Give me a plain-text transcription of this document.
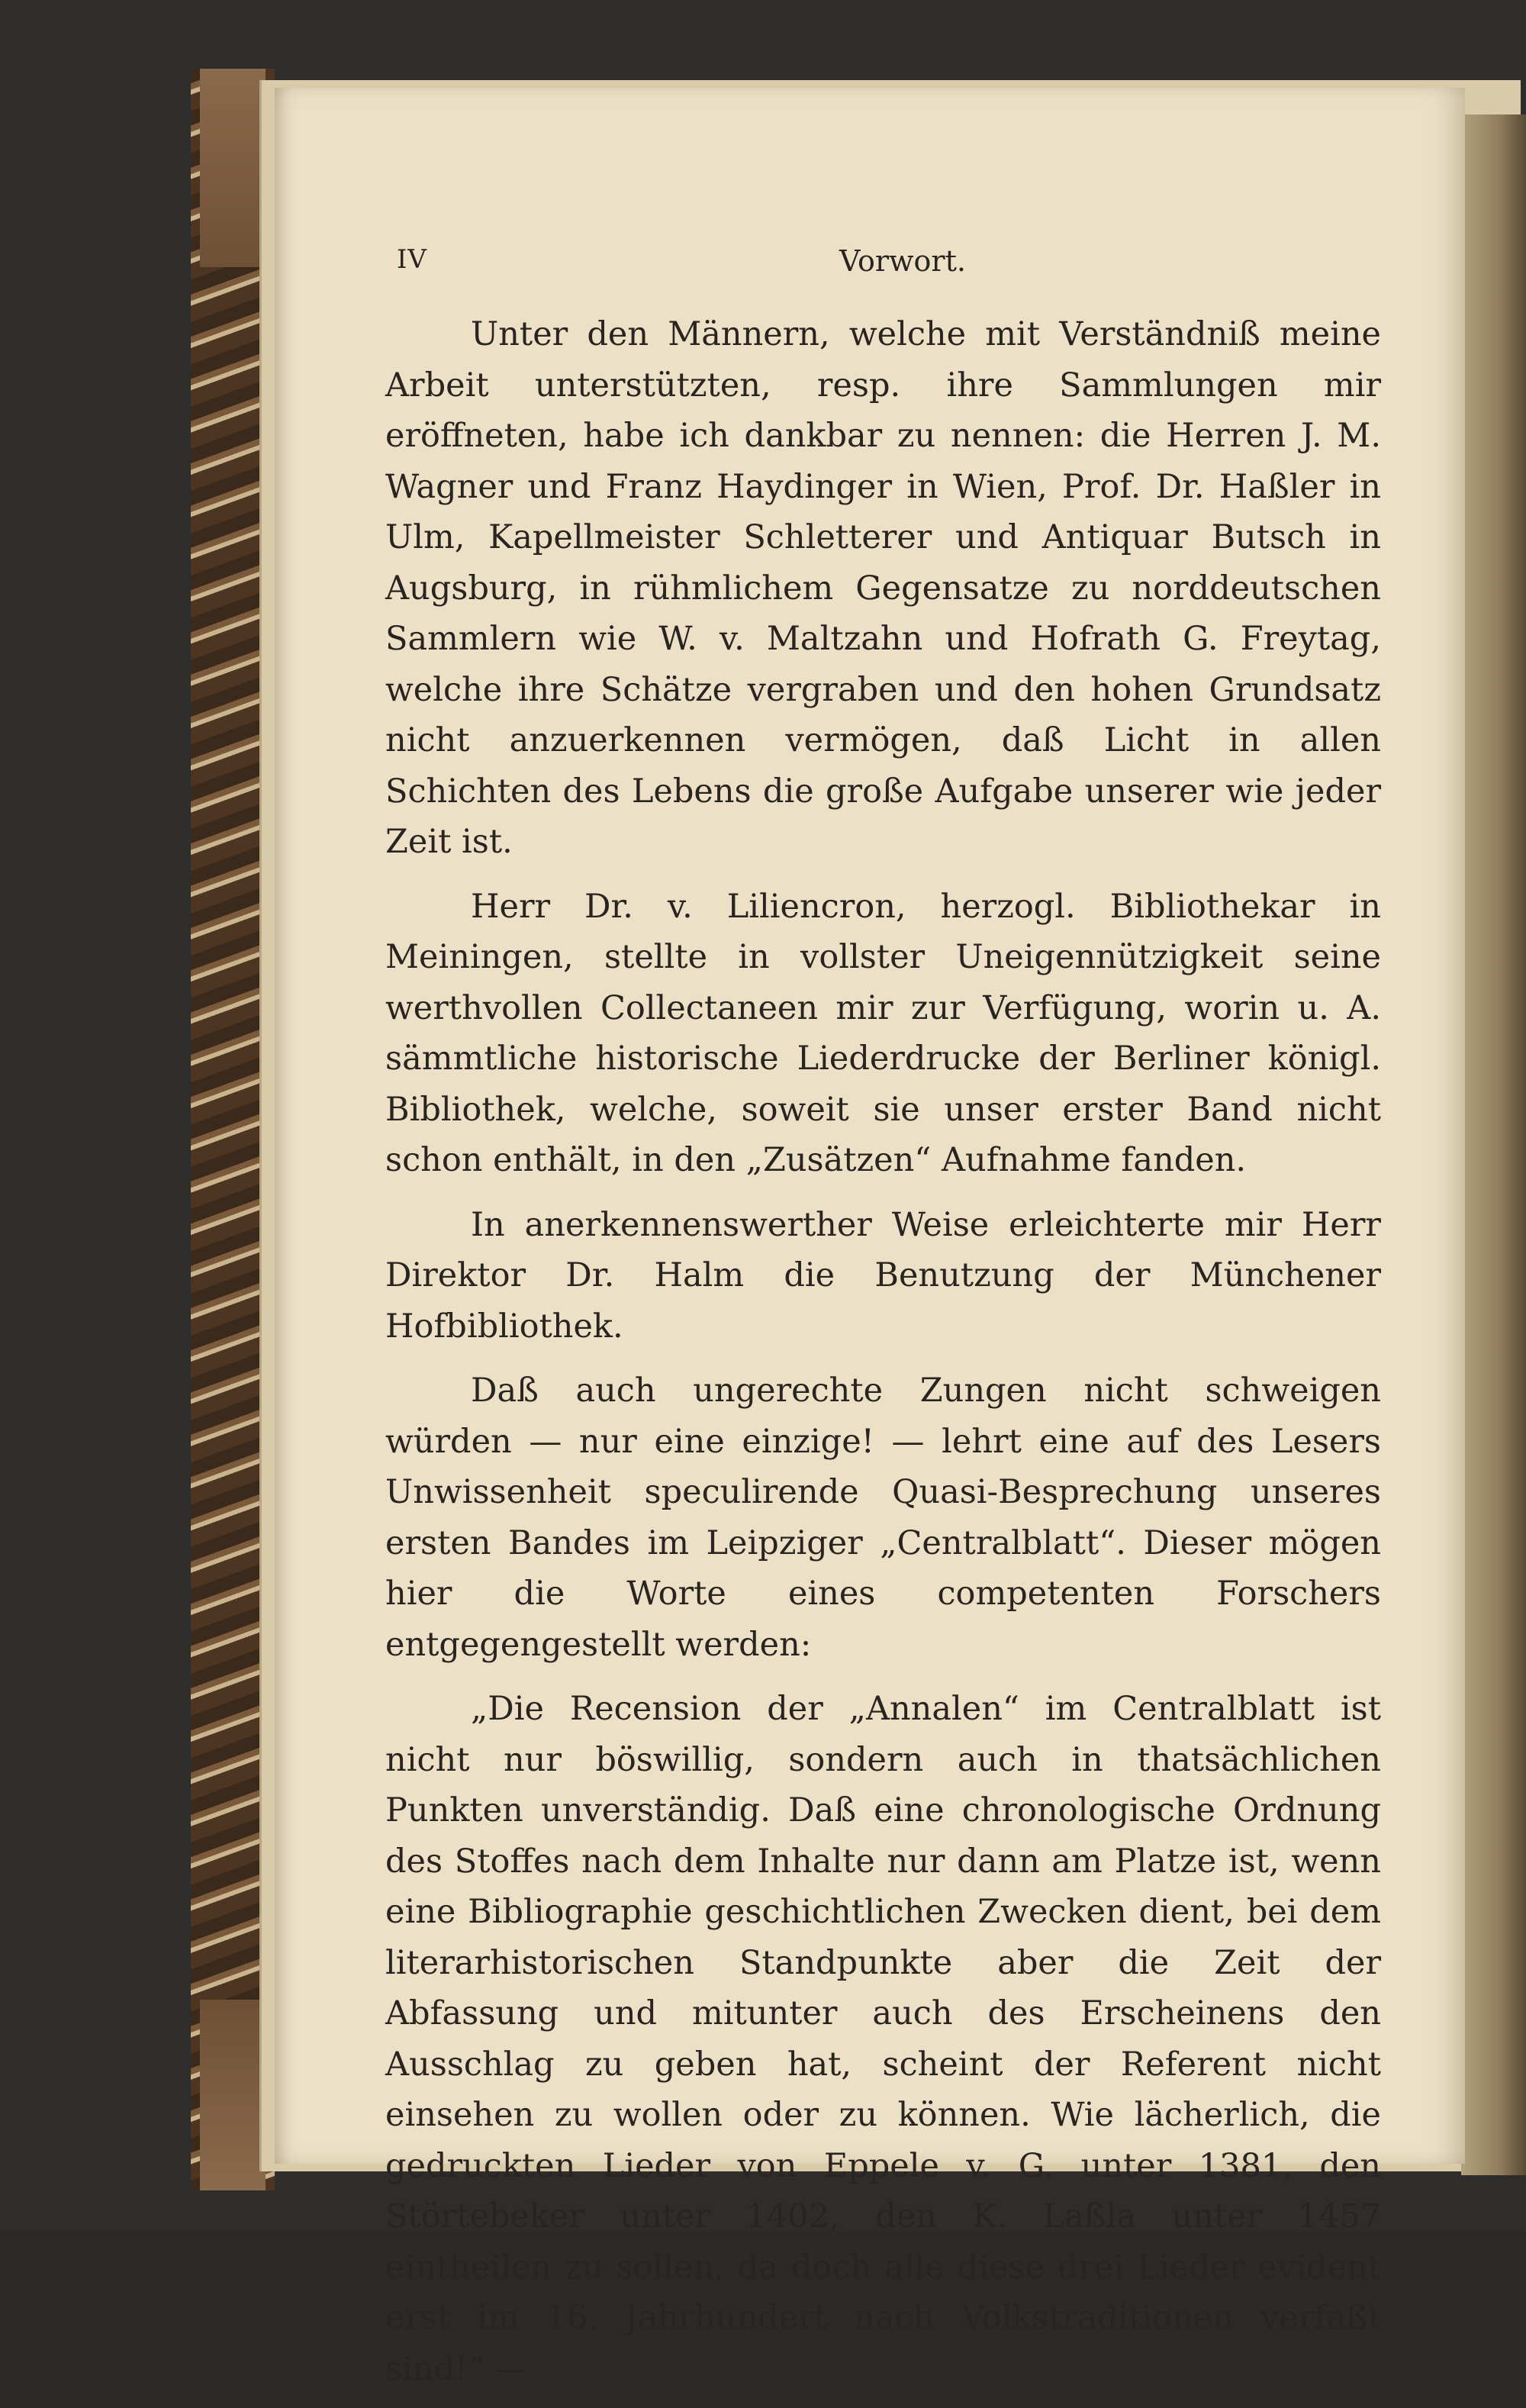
IV	Vorwort.

Unter den Männern, welche mit Verständniß meine Arbeit unterstützten, resp. ihre Sammlungen mir eröffneten, habe ich dankbar zu nennen: die Herren J. M. Wagner und Franz Haydinger in Wien, Prof. Dr. Haßler in Ulm, Kapellmeister Schletterer und Antiquar Butsch in Augsburg, in rühmlichem Gegensatze zu norddeutschen Sammlern wie W. v. Maltzahn und Hofrath G. Freytag, welche ihre Schätze vergraben und den hohen Grundsatz nicht anzuerkennen vermögen, daß Licht in allen Schichten des Lebens die große Aufgabe unserer wie jeder Zeit ist.

Herr Dr. v. Liliencron, herzogl. Bibliothekar in Meiningen, stellte in vollster Uneigennützigkeit seine werthvollen Collectaneen mir zur Verfügung, worin u. A. sämmtliche historische Liederdrucke der Berliner königl. Bibliothek, welche, soweit sie unser erster Band nicht schon enthält, in den „Zusätzen“ Aufnahme fanden.

In anerkennenswerther Weise erleichterte mir Herr Direktor Dr. Halm die Benutzung der Münchener Hofbibliothek.

Daß auch ungerechte Zungen nicht schweigen würden — nur eine einzige! — lehrt eine auf des Lesers Unwissenheit speculirende Quasi-Besprechung unseres ersten Bandes im Leipziger „Centralblatt“. Dieser mögen hier die Worte eines competenten Forschers entgegengestellt werden:

„Die Recension der „Annalen“ im Centralblatt ist nicht nur böswillig, sondern auch in thatsächlichen Punkten unverständig. Daß eine chronologische Ordnung des Stoffes nach dem Inhalte nur dann am Platze ist, wenn eine Bibliographie geschichtlichen Zwecken dient, bei dem literarhistorischen Standpunkte aber die Zeit der Abfassung und mitunter auch des Erscheinens den Ausschlag zu geben hat, scheint der Referent nicht einsehen zu wollen oder zu können. Wie lächerlich, die gedruckten Lieder von Eppele v. G. unter 1381, den Störtebeker unter 1402, den K. Laßla unter 1457 eintheilen zu sollen, da doch alle diese drei Lieder evident erst im 16. Jahrhundert nach Volkstraditionen verfaßt sind!“ —
